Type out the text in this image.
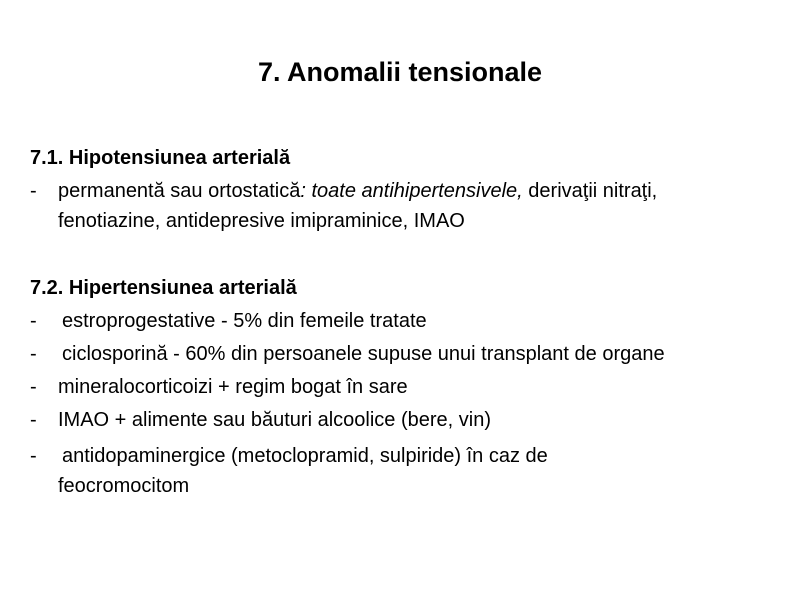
7. Anomalii tensionale
7.1. Hipotensiunea arterială
- permanentă sau ortostatică: toate antihipertensivele, derivaţii nitraţi,
fenotiazine, antidepresive imipraminice, IMAO
7.2. Hipertensiunea arterială
- estroprogestative - 5% din femeile tratate
- ciclosporină - 60% din persoanele supuse unui transplant de organe
- mineralocorticoizi + regim bogat în sare
- IMAO + alimente sau băuturi alcoolice (bere, vin)
- antidopaminergice (metoclopramid, sulpiride) în caz de
feocromocitom
